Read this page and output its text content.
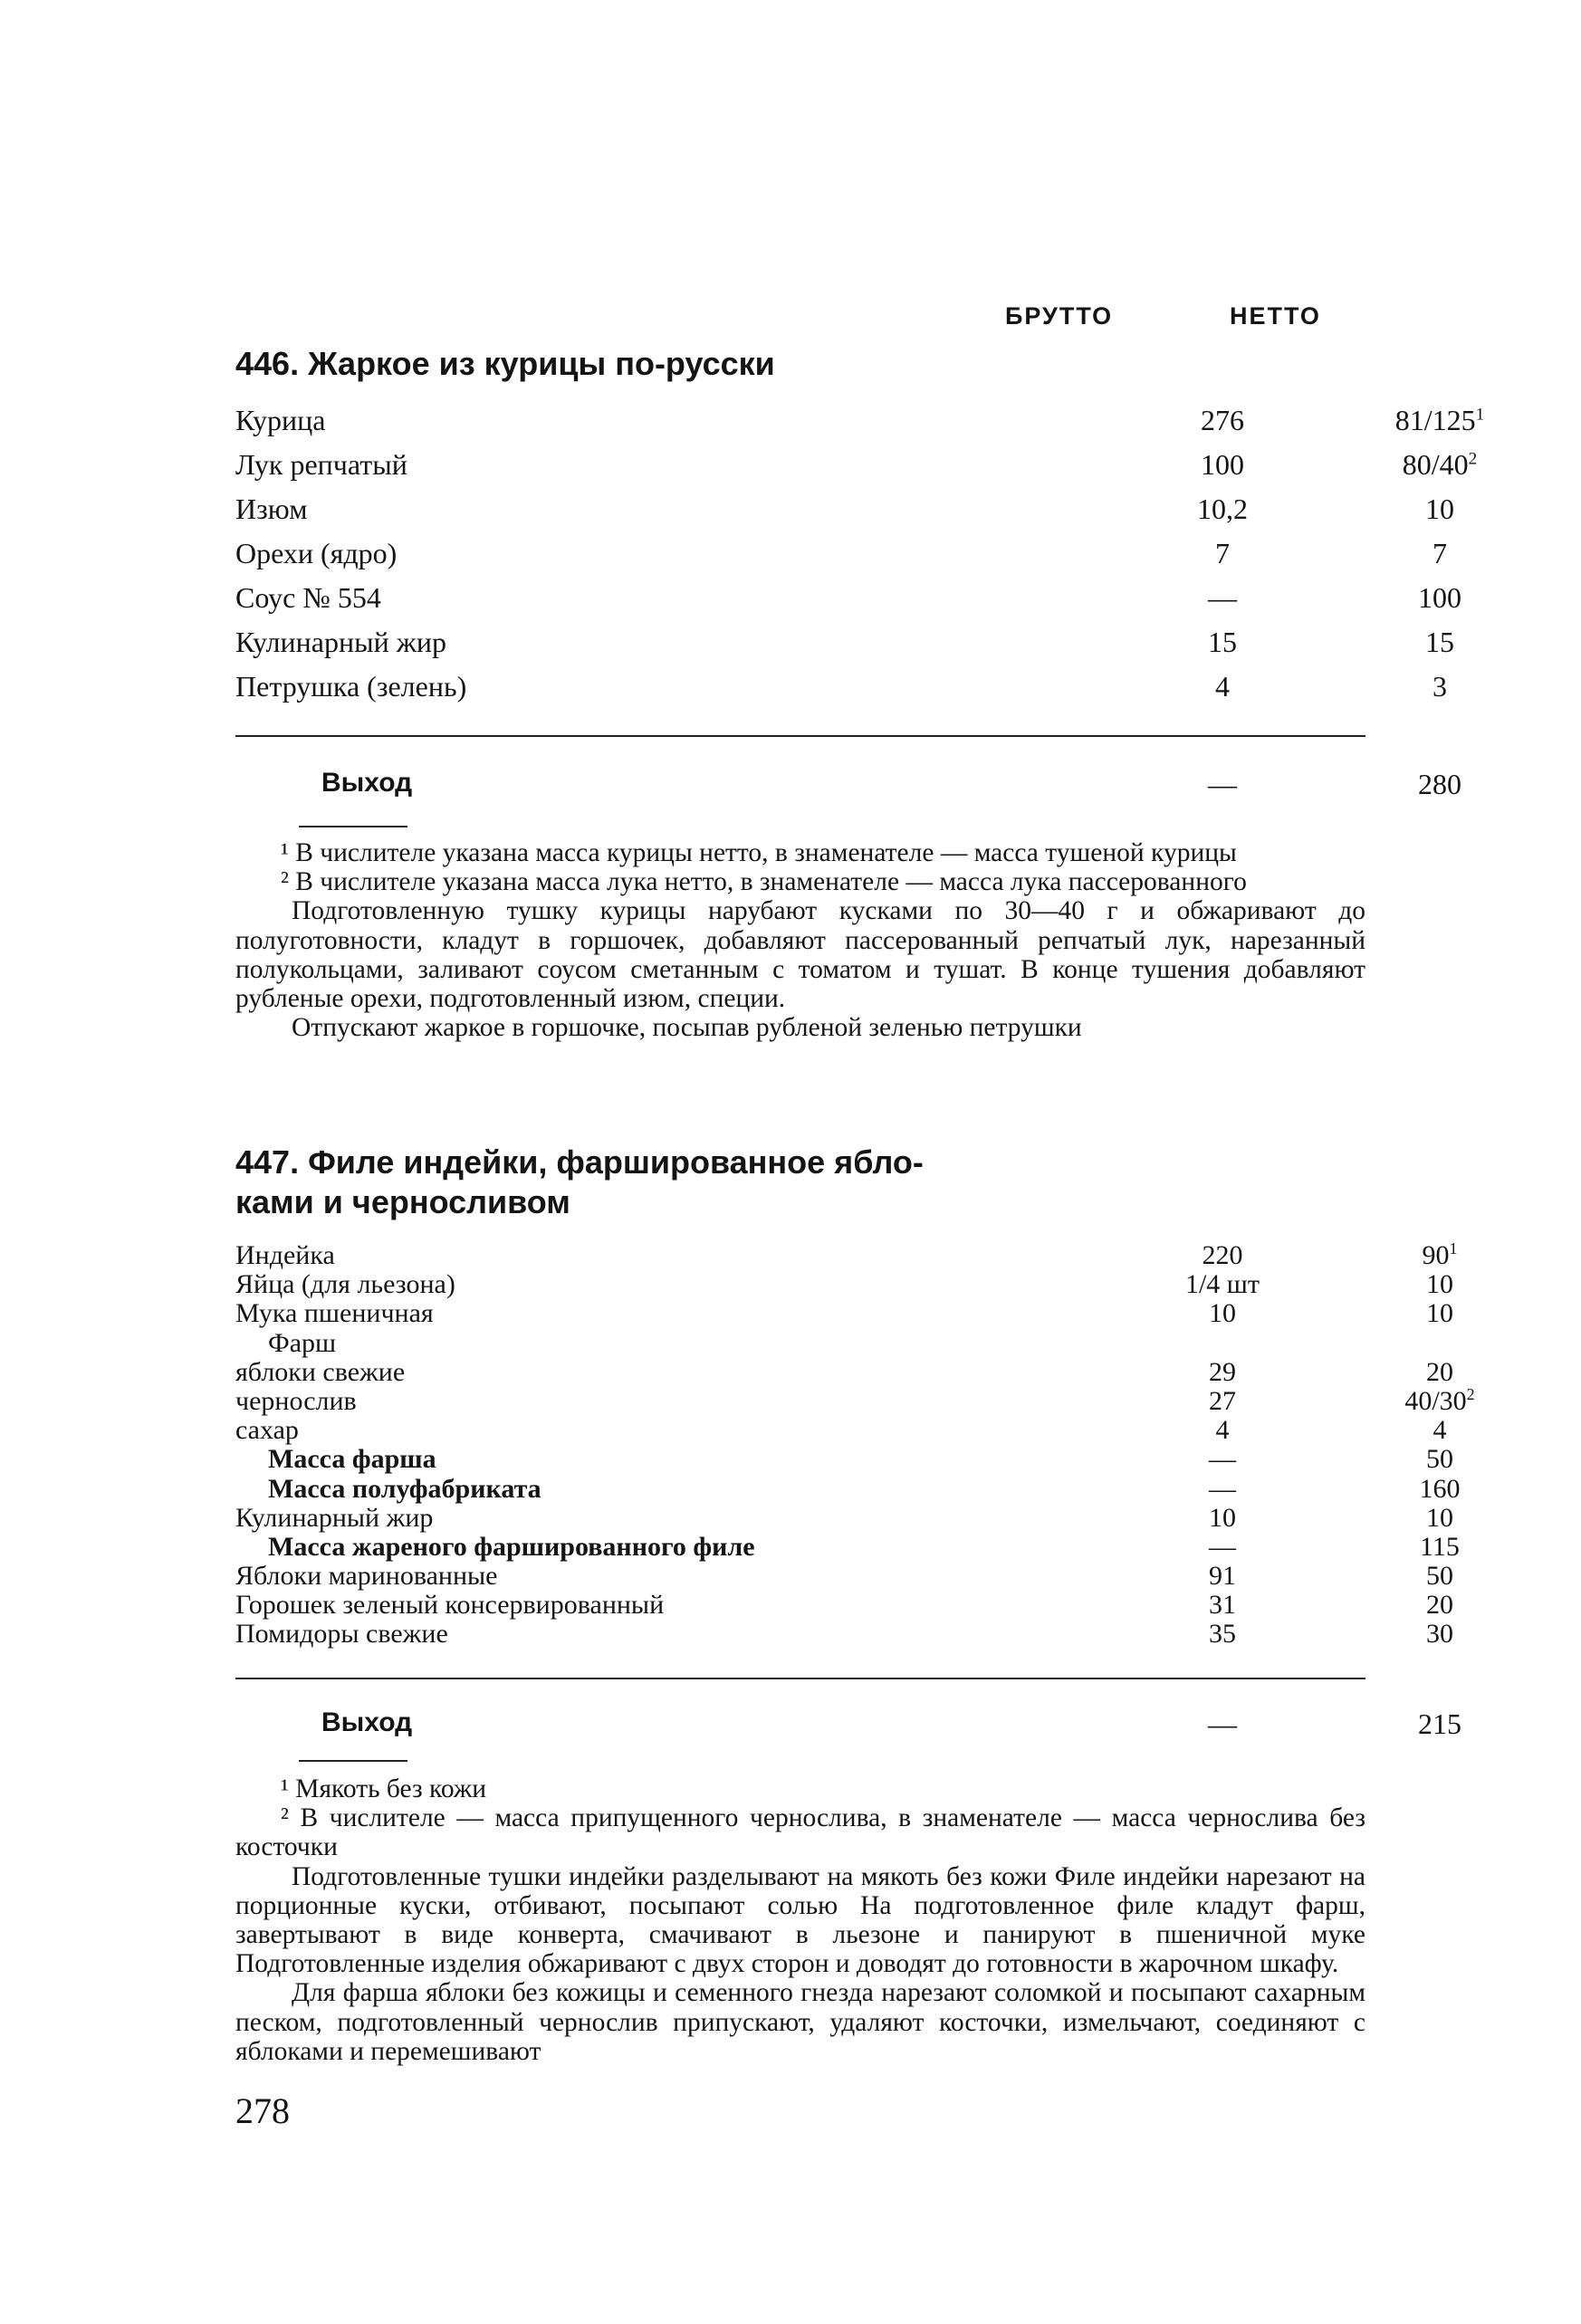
БРУТТО	НЕТТО
446. Жаркое из курицы по-русски
Курица	276	$81/125^1$
Лук репчатый	100	$80/40^2$
Изюм	10,2	10
Орехи (ядро)	7	7
Соус № 554	—	100
Кулинарный жир	15	15
Петрушка (зелень)	4	3
Выход	—	280

¹ В числителе указана масса курицы нетто, в знаменателе — масса тушеной курицы

² В числителе указана масса лука нетто, в знаменателе — масса лука пассерованного

Подготовленную тушку курицы нарубают кусками по 30—40 г и обжаривают до полуготовности, кладут в горшочек, добавляют пассерованный репчатый лук, нарезанный полукольцами, заливают соусом сметанным с томатом и тушат. В конце тушения добавляют рубленые орехи, подготовленный изюм, специи.

Отпускают жаркое в горшочке, посыпав рубленой зеленью петрушки

447. Филе индейки, фаршированное ябло-
ками и черносливом
Индейка	220	$90^1$
Яйца (для льезона)	1/4 шт	10
Мука пшеничная	10	10
Фарш
яблоки свежие	29	20
чернослив	27	$40/30^2$
сахар	4	4
Масса фарша	—	50
Масса полуфабриката	—	160
Кулинарный жир	10	10
Масса жареного фаршированного филе	—	115
Яблоки маринованные	91	50
Горошек зеленый консервированный	31	20
Помидоры свежие	35	30
Выход	—	215

¹ Мякоть без кожи

² В числителе — масса припущенного чернослива, в знаменателе — масса чернослива без косточки

Подготовленные тушки индейки разделывают на мякоть без кожи Филе индейки нарезают на порционные куски, отбивают, посыпают солью На подготовленное филе кладут фарш, завертывают в виде конверта, смачивают в льезоне и панируют в пшеничной муке Подготовленные изделия обжаривают с двух сторон и доводят до готовности в жарочном шкафу.

Для фарша яблоки без кожицы и семенного гнезда нарезают соломкой и посыпают сахарным песком, подготовленный чернослив припускают, удаляют косточки, измельчают, соединяют с яблоками и перемешивают

278
